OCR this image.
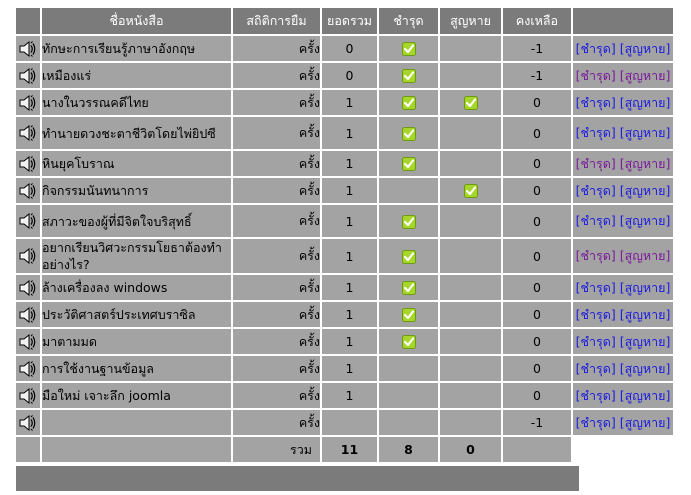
	ชื่อหนังสือ	สถิติการยืม	ยอดรวม	ชำรุด	สูญหาย	คงเหลือ	
	ทักษะการเรียนรู้ภาษาอังกฤษ	ครั้ง	0			-1	[ชำรุด] [สูญหาย]
	เหมืองแร่	ครั้ง	0			-1	[ชำรุด] [สูญหาย]
	นางในวรรณคดีไทย	ครั้ง	1			0	[ชำรุด] [สูญหาย]
	ทำนายดวงชะตาชีวิตโดยไพ่ยิปซี	ครั้ง	1			0	[ชำรุด] [สูญหาย]
	หินยุคโบราณ	ครั้ง	1			0	[ชำรุด] [สูญหาย]
	กิจกรรมนันทนาการ	ครั้ง	1			0	[ชำรุด] [สูญหาย]
	สภาวะของผู้ที่มีจิตใจบริสุทธิ์	ครั้ง	1			0	[ชำรุด] [สูญหาย]
	อยากเรียนวิศวะกรรมโยธาต้องทำอย่างไร?	ครั้ง	1			0	[ชำรุด] [สูญหาย]
	ล้างเครื่องลง windows	ครั้ง	1			0	[ชำรุด] [สูญหาย]
	ประวัติศาสตร์ประเทศบราซิล	ครั้ง	1			0	[ชำรุด] [สูญหาย]
	มาตามมด	ครั้ง	1			0	[ชำรุด] [สูญหาย]
	การใช้งานฐานข้อมูล	ครั้ง	1			0	[ชำรุด] [สูญหาย]
	มือใหม่ เจาะลึก joomla	ครั้ง	1			0	[ชำรุด] [สูญหาย]
		ครั้ง				-1	[ชำรุด] [สูญหาย]
		รวม	11	8	0		
